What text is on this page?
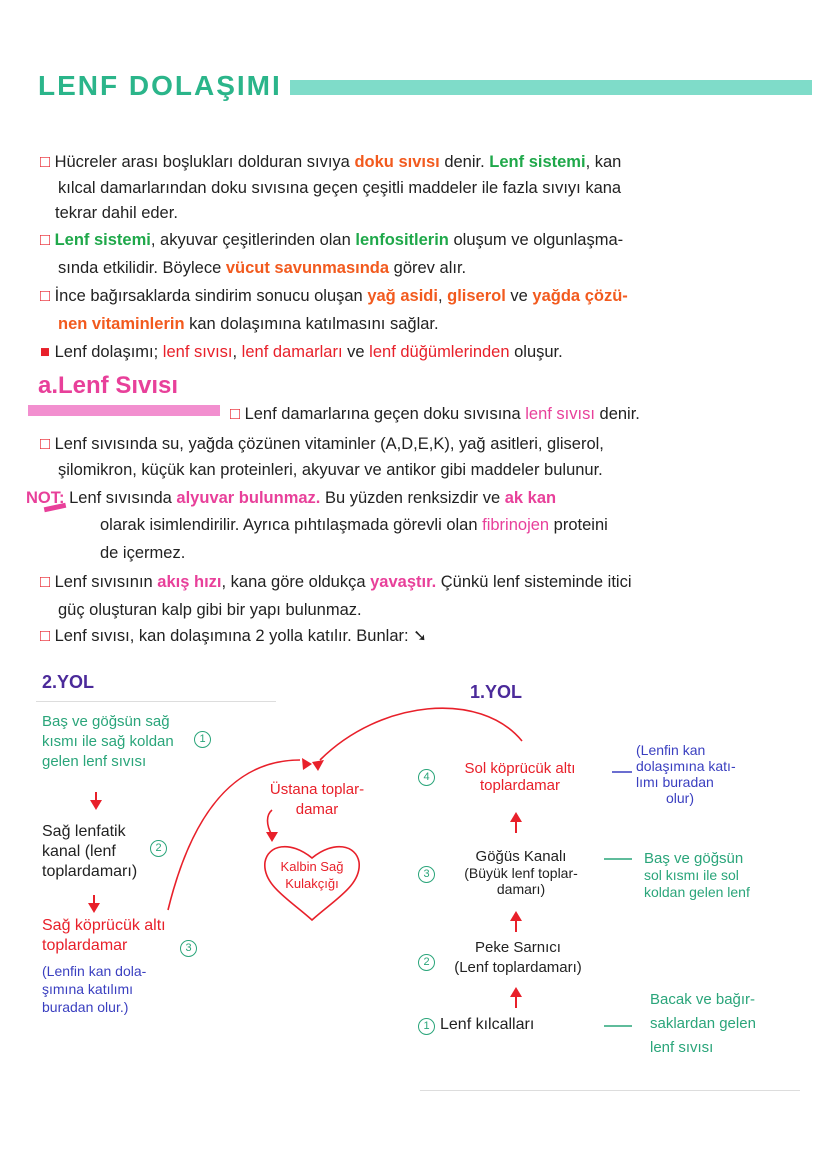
LENF DOLAŞIMI
a.Lenf Sıvısı
□ Hücreler arası boşlukları dolduran sıvıya doku sıvısı denir. Lenf sistemi, kan
kılcal damarlarından doku sıvısına geçen çeşitli maddeler ile fazla sıvıyı kana
tekrar dahil eder.
□ Lenf sistemi, akyuvar çeşitlerinden olan lenfositlerin oluşum ve olgunlaşma-
sında etkilidir. Böylece vücut savunmasında görev alır.
□ İnce bağırsaklarda sindirim sonucu oluşan yağ asidi, gliserol ve yağda çözü-
nen vitaminlerin kan dolaşımına katılmasını sağlar.
■ Lenf dolaşımı; lenf sıvısı, lenf damarları ve lenf düğümlerinden oluşur.
□ Lenf damarlarına geçen doku sıvısına lenf sıvısı denir.
□ Lenf sıvısında su, yağda çözünen vitaminler (A,D,E,K), yağ asitleri, gliserol,
şilomikron, küçük kan proteinleri, akyuvar ve antikor gibi maddeler bulunur.
NOT: Lenf sıvısında alyuvar bulunmaz. Bu yüzden renksizdir ve ak kan
olarak isimlendirilir. Ayrıca pıhtılaşmada görevli olan fibrinojen proteini
de içermez.
□ Lenf sıvısının akış hızı, kana göre oldukça yavaştır. Çünkü lenf sisteminde itici
güç oluşturan kalp gibi bir yapı bulunmaz.
□ Lenf sıvısı, kan dolaşımına 2 yolla katılır. Bunlar: ➘
2.YOL	1.YOL
Baş ve göğsün sağ
kısmı ile sağ koldan
gelen lenf sıvısı
1
Sağ lenfatik
kanal (lenf
toplardamarı)
2
Sağ köprücük altı
toplardamar	3
(Lenfin kan dola-
şımına katılımı
buradan olur.)
Üstana toplar-
damar
Kalbin Sağ
Kulakçığı
4	Sol köprücük altı
toplardamar
(Lenfin kan
dolaşımına katı-
lımı buradan
olur)
3
Göğüs Kanalı
(Büyük lenf toplar-
damarı)
Baş ve göğsün
sol kısmı ile sol
koldan gelen lenf
2
Peke Sarnıcı
(Lenf toplardamarı)
1 Lenf kılcalları
Bacak ve bağır-
saklardan gelen
lenf sıvısı
